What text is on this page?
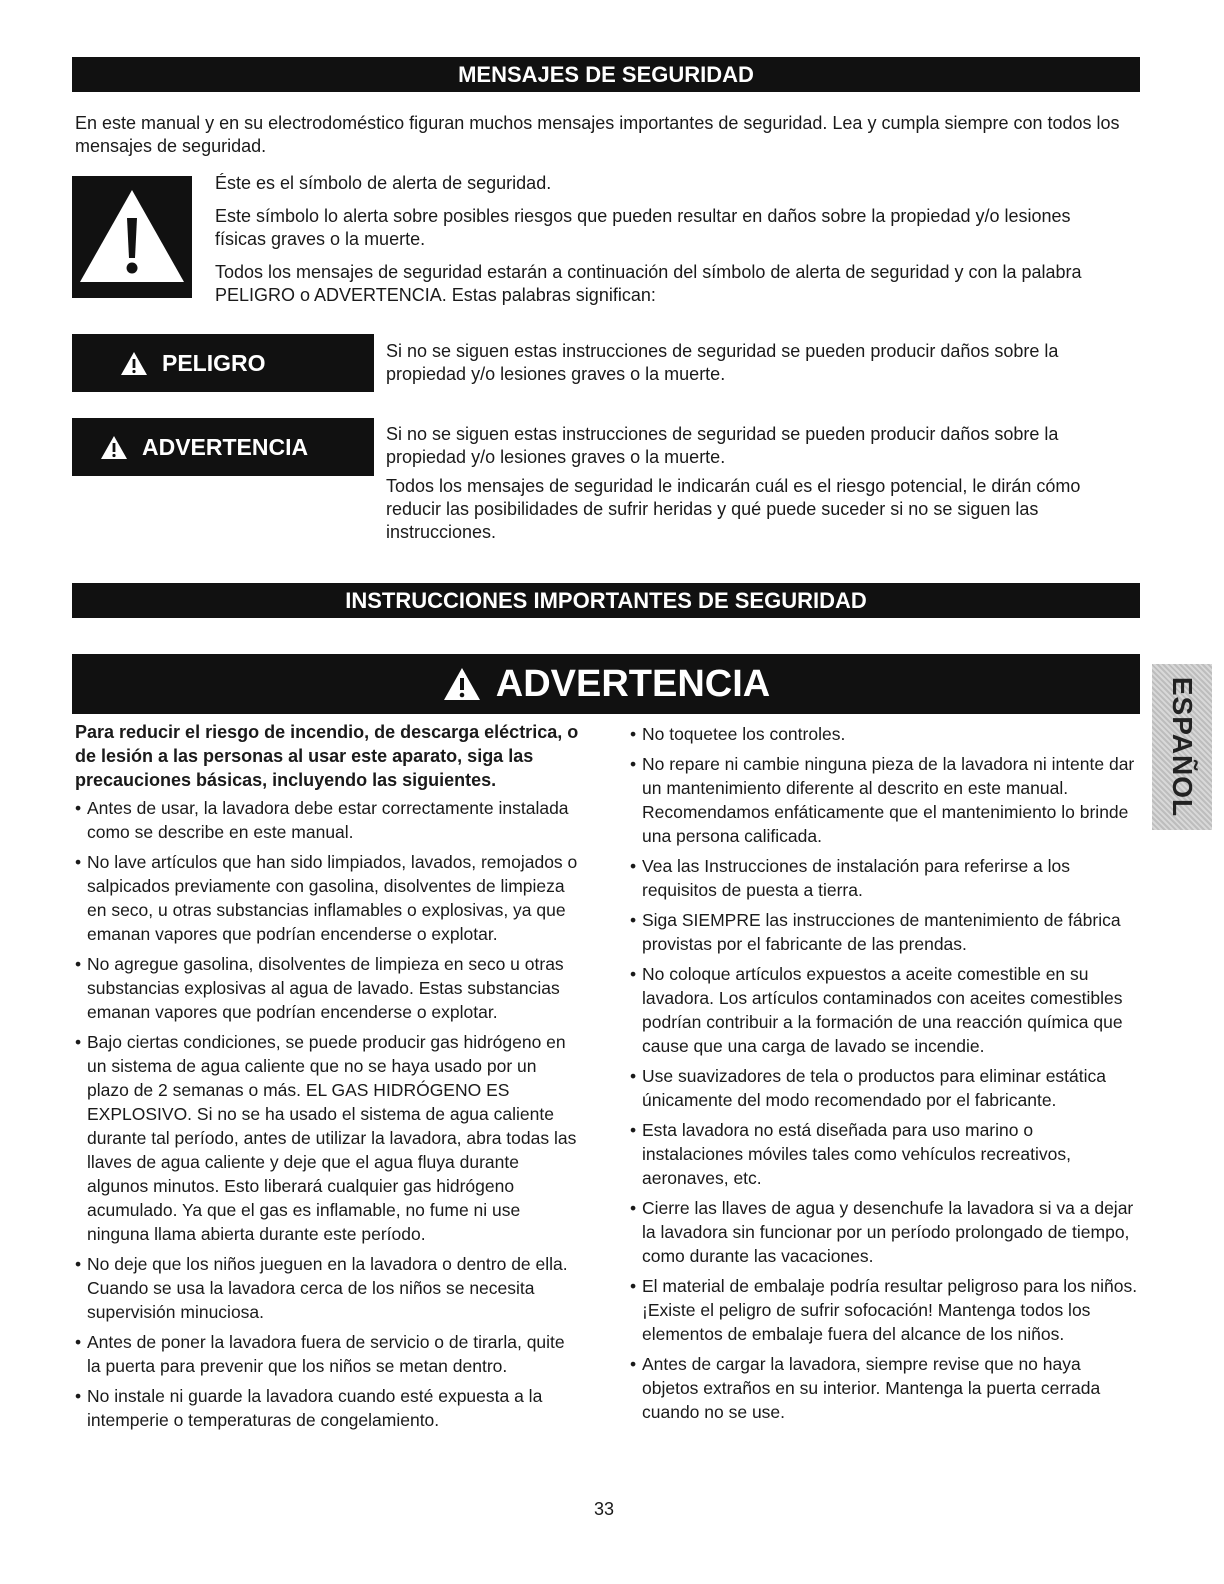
MENSAJES DE SEGURIDAD

En este manual y en su electrodoméstico figuran muchos mensajes importantes de seguridad. Lea y cumpla siempre con todos los mensajes de seguridad.

Éste es el símbolo de alerta de seguridad.

Este símbolo lo alerta sobre posibles riesgos que pueden resultar en daños sobre la propiedad y/o lesiones físicas graves o la muerte.

Todos los mensajes de seguridad estarán a continuación del símbolo de alerta de seguridad y con la palabra PELIGRO o ADVERTENCIA. Estas palabras significan:

PELIGRO	Si no se siguen estas instrucciones de seguridad se pueden producir daños sobre la propiedad y/o lesiones graves o la muerte.

ADVERTENCIA	Si no se siguen estas instrucciones de seguridad se pueden producir daños sobre la propiedad y/o lesiones graves o la muerte.

Todos los mensajes de seguridad le indicarán cuál es el riesgo potencial, le dirán cómo reducir las posibilidades de sufrir heridas y qué puede suceder si no se siguen las instrucciones.

INSTRUCCIONES IMPORTANTES DE SEGURIDAD
ADVERTENCIA

Para reducir el riesgo de incendio, de descarga eléctrica, o de lesión a las personas al usar este aparato, siga las precauciones básicas, incluyendo las siguientes.

• Antes de usar, la lavadora debe estar correctamente instalada como se describe en este manual.
• No lave artículos que han sido limpiados, lavados, remojados o salpicados previamente con gasolina, disolventes de limpieza en seco, u otras substancias inflamables o explosivas, ya que emanan vapores que podrían encenderse o explotar.
• No agregue gasolina, disolventes de limpieza en seco u otras substancias explosivas al agua de lavado. Estas substancias emanan vapores que podrían encenderse o explotar.
• Bajo ciertas condiciones, se puede producir gas hidrógeno en un sistema de agua caliente que no se haya usado por un plazo de 2 semanas o más. EL GAS HIDRÓGENO ES EXPLOSIVO. Si no se ha usado el sistema de agua caliente durante tal período, antes de utilizar la lavadora, abra todas las llaves de agua caliente y deje que el agua fluya durante algunos minutos. Esto liberará cualquier gas hidrógeno acumulado. Ya que el gas es inflamable, no fume ni use ninguna llama abierta durante este período.
• No deje que los niños jueguen en la lavadora o dentro de ella. Cuando se usa la lavadora cerca de los niños se necesita supervisión minuciosa.
• Antes de poner la lavadora fuera de servicio o de tirarla, quite la puerta para prevenir que los niños se metan dentro.
• No instale ni guarde la lavadora cuando esté expuesta a la intemperie o temperaturas de congelamiento.
• No toquetee los controles.
• No repare ni cambie ninguna pieza de la lavadora ni intente dar un mantenimiento diferente al descrito en este manual. Recomendamos enfáticamente que el mantenimiento lo brinde una persona calificada.
• Vea las Instrucciones de instalación para referirse a los requisitos de puesta a tierra.
• Siga SIEMPRE las instrucciones de mantenimiento de fábrica provistas por el fabricante de las prendas.
• No coloque artículos expuestos a aceite comestible en su lavadora. Los artículos contaminados con aceites comestibles podrían contribuir a la formación de una reacción química que cause que una carga de lavado se incendie.
• Use suavizadores de tela o productos para eliminar estática únicamente del modo recomendado por el fabricante.
• Esta lavadora no está diseñada para uso marino o instalaciones móviles tales como vehículos recreativos, aeronaves, etc.
• Cierre las llaves de agua y desenchufe la lavadora si va a dejar la lavadora sin funcionar por un período prolongado de tiempo, como durante las vacaciones.
• El material de embalaje podría resultar peligroso para los niños. ¡Existe el peligro de sufrir sofocación! Mantenga todos los elementos de embalaje fuera del alcance de los niños.
• Antes de cargar la lavadora, siempre revise que no haya objetos extraños en su interior. Mantenga la puerta cerrada cuando no se use.
ESPAÑOL
33
